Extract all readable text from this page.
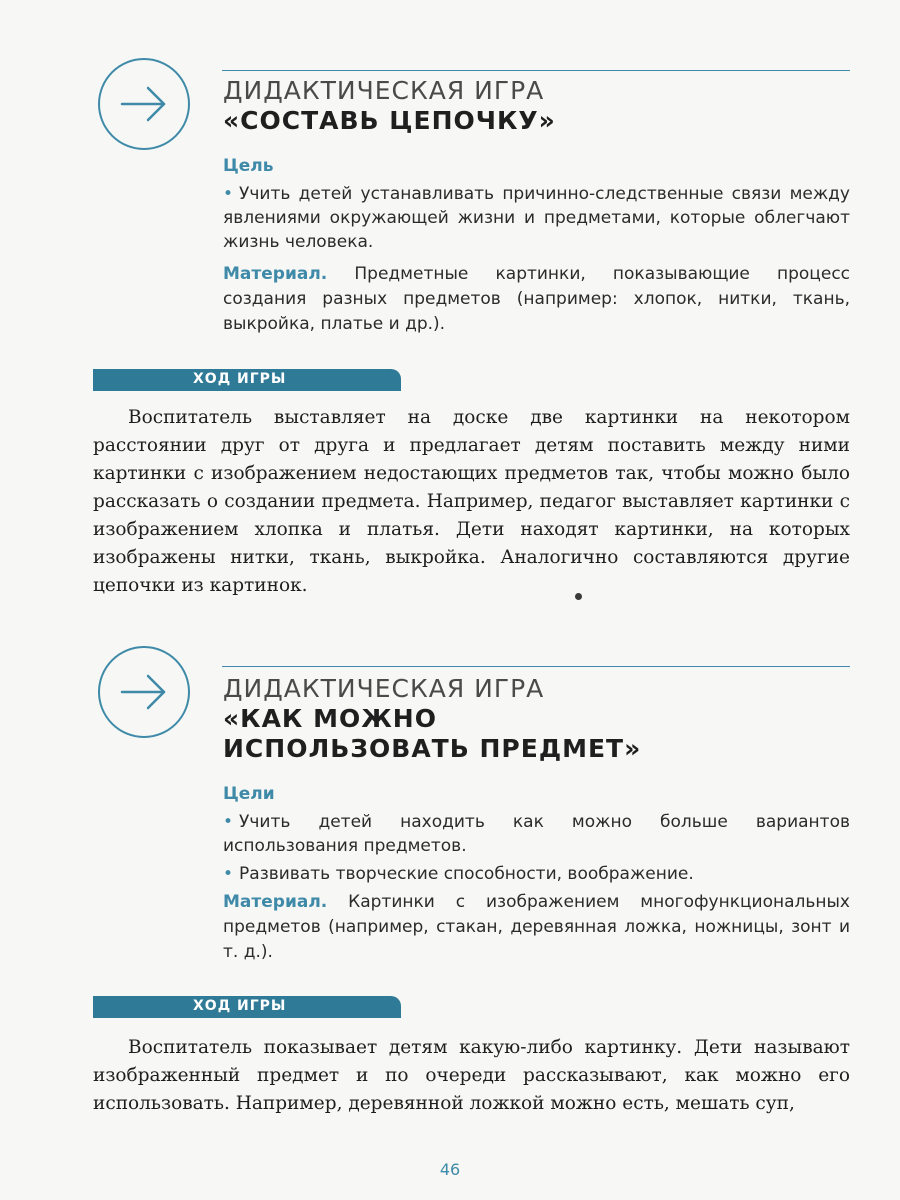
ДИДАКТИЧЕСКАЯ ИГРА
«СОСТАВЬ ЦЕПОЧКУ»
Цель
• Учить детей устанавливать причинно-следственные связи между явлениями окружающей жизни и предметами, которые облегчают жизнь человека.
Материал. Предметные картинки, показывающие процесс создания разных предметов (например: хлопок, нитки, ткань, выкройка, платье и др.).
ХОД ИГРЫ
Воспитатель выставляет на доске две картинки на некотором расстоянии друг от друга и предлагает детям поставить между ними картинки с изображением недостающих предметов так, чтобы можно было рассказать о создании предмета. Например, педагог выставляет картинки с изображением хлопка и платья. Дети находят картинки, на которых изображены нитки, ткань, выкройка. Аналогично составляются другие цепочки из картинок.
ДИДАКТИЧЕСКАЯ ИГРА
«КАК МОЖНО
ИСПОЛЬЗОВАТЬ ПРЕДМЕТ»
Цели
• Учить детей находить как можно больше вариантов использования предметов.
• Развивать творческие способности, воображение.
Материал. Картинки с изображением многофункциональных предметов (например, стакан, деревянная ложка, ножницы, зонт и т. д.).
ХОД ИГРЫ
Воспитатель показывает детям какую-либо картинку. Дети называют изображенный предмет и по очереди рассказывают, как можно его использовать. Например, деревянной ложкой можно есть, мешать суп,
46
